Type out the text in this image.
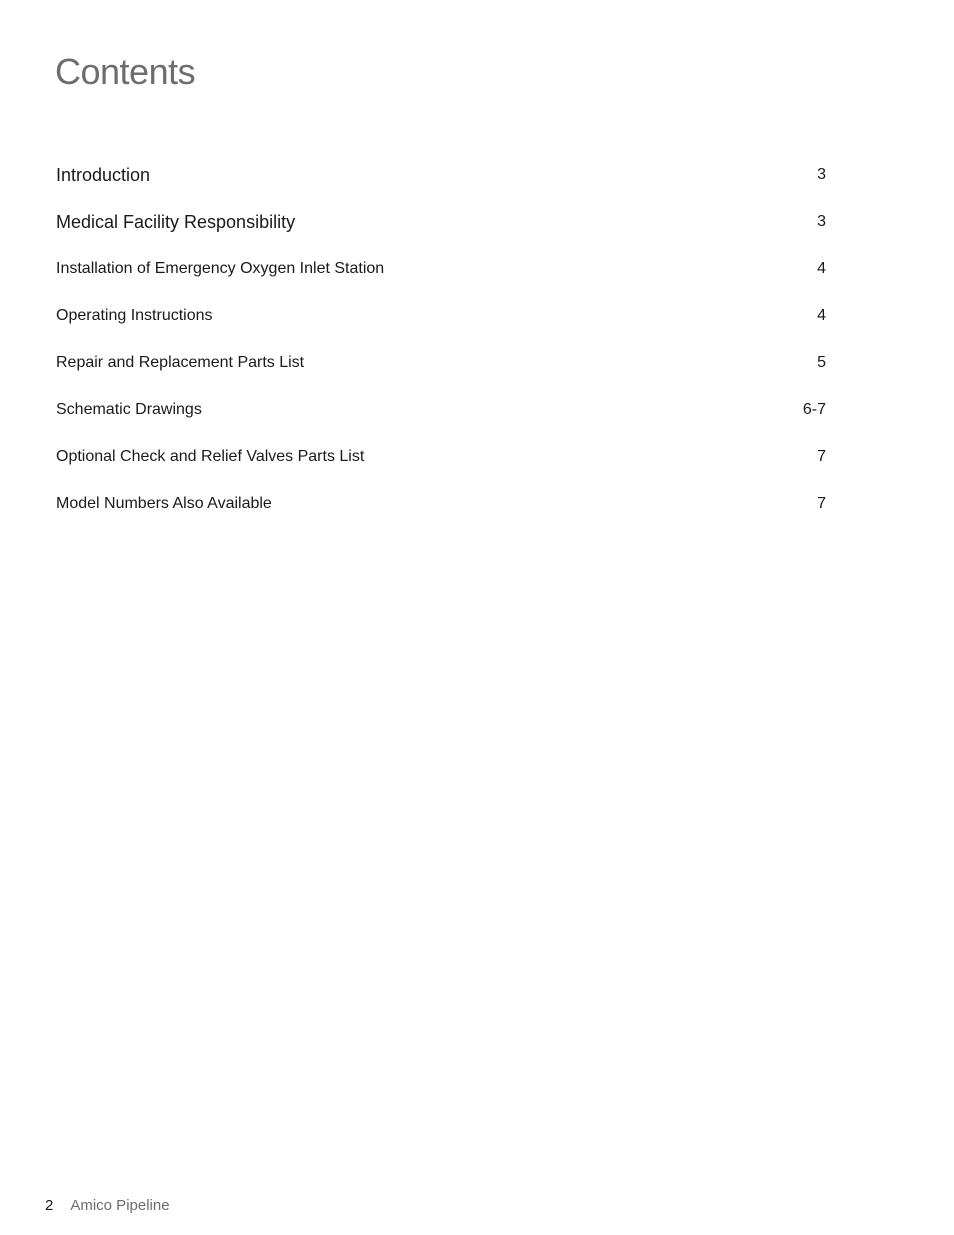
Contents
Introduction	3
Medical Facility Responsibility	3
Installation of Emergency Oxygen Inlet Station	4
Operating Instructions	4
Repair and Replacement Parts List	5
Schematic Drawings	6-7
Optional Check and Relief Valves Parts List	7
Model Numbers Also Available	7
2 Amico Pipeline
